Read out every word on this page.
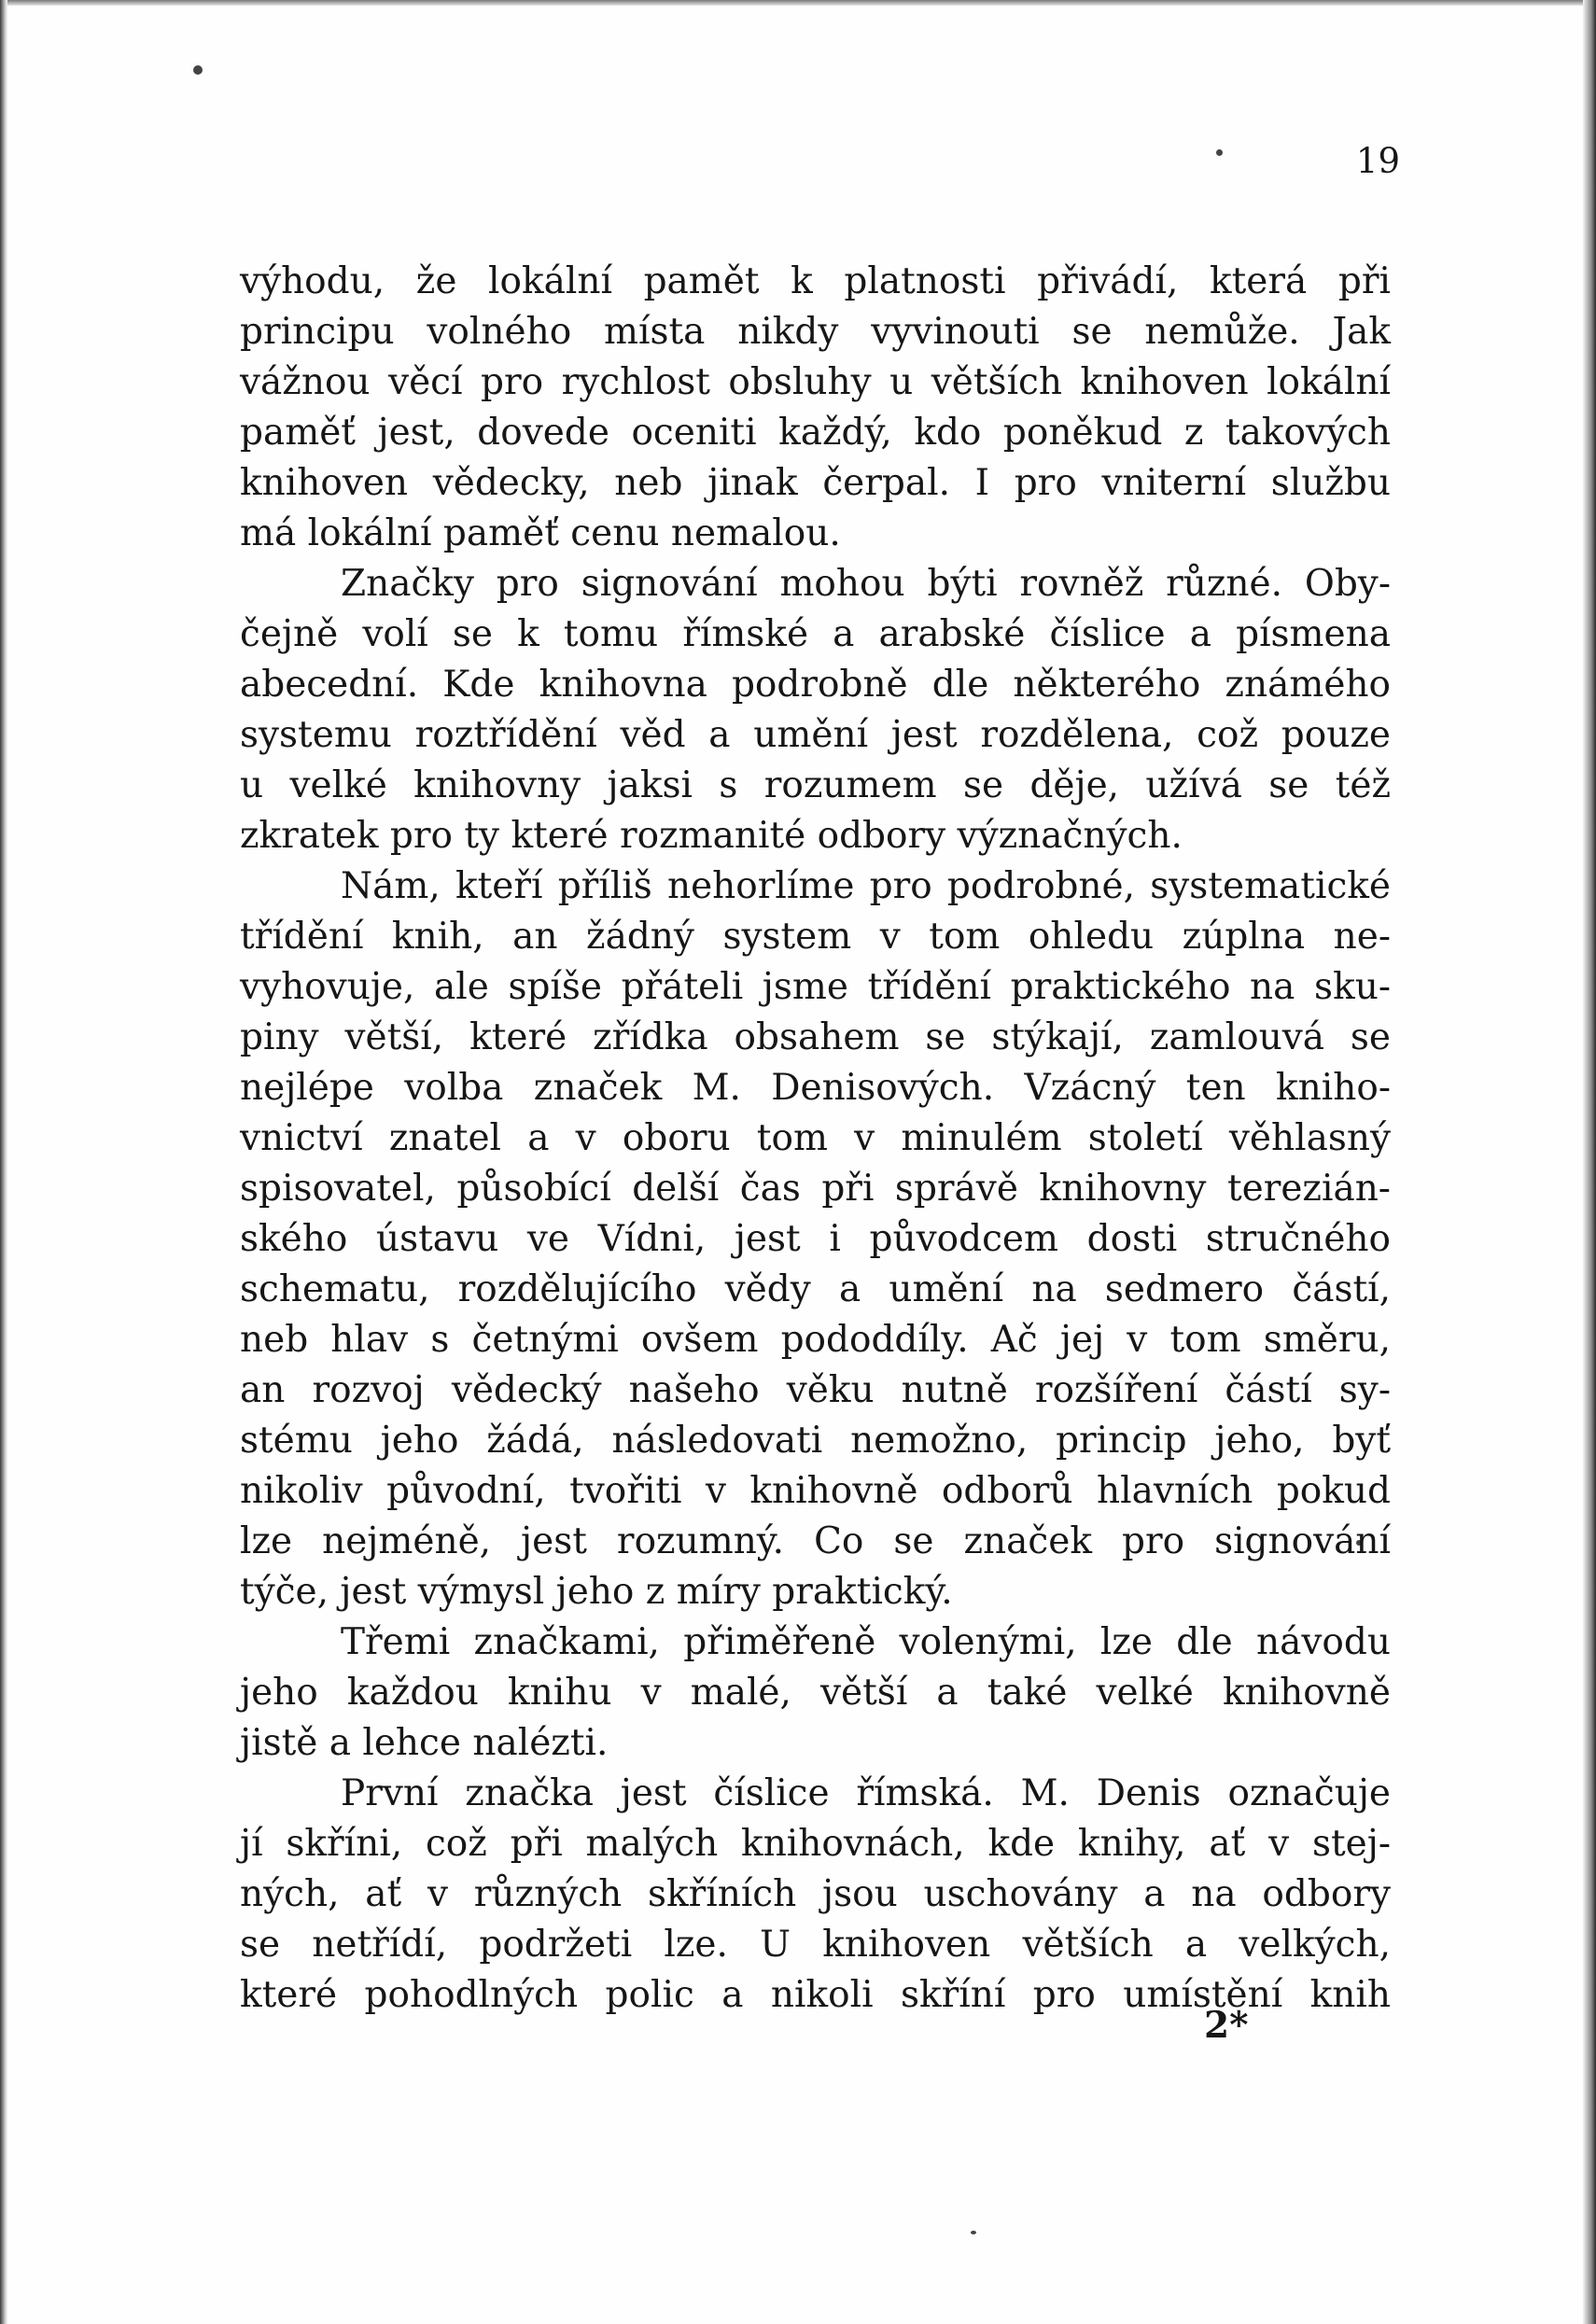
19
výhodu, že lokální pamět k platnosti přivádí, která při
principu volného místa nikdy vyvinouti se nemůže. Jak
vážnou věcí pro rychlost obsluhy u větších knihoven lokální
paměť jest, dovede oceniti každý, kdo poněkud z takových
knihoven vědecky, neb jinak čerpal. I pro vniterní službu
má lokální paměť cenu nemalou.
Značky pro signování mohou býti rovněž různé. Oby-
čejně volí se k tomu římské a arabské číslice a písmena
abecední. Kde knihovna podrobně dle některého známého
systemu roztřídění věd a umění jest rozdělena, což pouze
u velké knihovny jaksi s rozumem se děje, užívá se též
zkratek pro ty které rozmanité odbory význačných.
Nám, kteří příliš nehorlíme pro podrobné, systematické
třídění knih, an žádný system v tom ohledu zúplna ne-
vyhovuje, ale spíše přáteli jsme třídění praktického na sku-
piny větší, které zřídka obsahem se stýkají, zamlouvá se
nejlépe volba značek M. Denisových. Vzácný ten kniho-
vnictví znatel a v oboru tom v minulém století věhlasný
spisovatel, působící delší čas při správě knihovny terezián-
ského ústavu ve Vídni, jest i původcem dosti stručného
schematu, rozdělujícího vědy a umění na sedmero částí,
neb hlav s četnými ovšem pododdíly. Ač jej v tom směru,
an rozvoj vědecký našeho věku nutně rozšíření částí sy-
stému jeho žádá, následovati nemožno, princip jeho, byť
nikoliv původní, tvořiti v knihovně odborů hlavních pokud
lze nejméně, jest rozumný. Co se značek pro signování
týče, jest výmysl jeho z míry praktický.
Třemi značkami, přiměřeně volenými, lze dle návodu
jeho každou knihu v malé, větší a také velké knihovně
jistě a lehce nalézti.
První značka jest číslice římská. M. Denis označuje
jí skříni, což při malých knihovnách, kde knihy, ať v stej-
ných, ať v různých skříních jsou uschovány a na odbory
se netřídí, podržeti lze. U knihoven větších a velkých,
které pohodlných polic a nikoli skříní pro umístění knih
2*
